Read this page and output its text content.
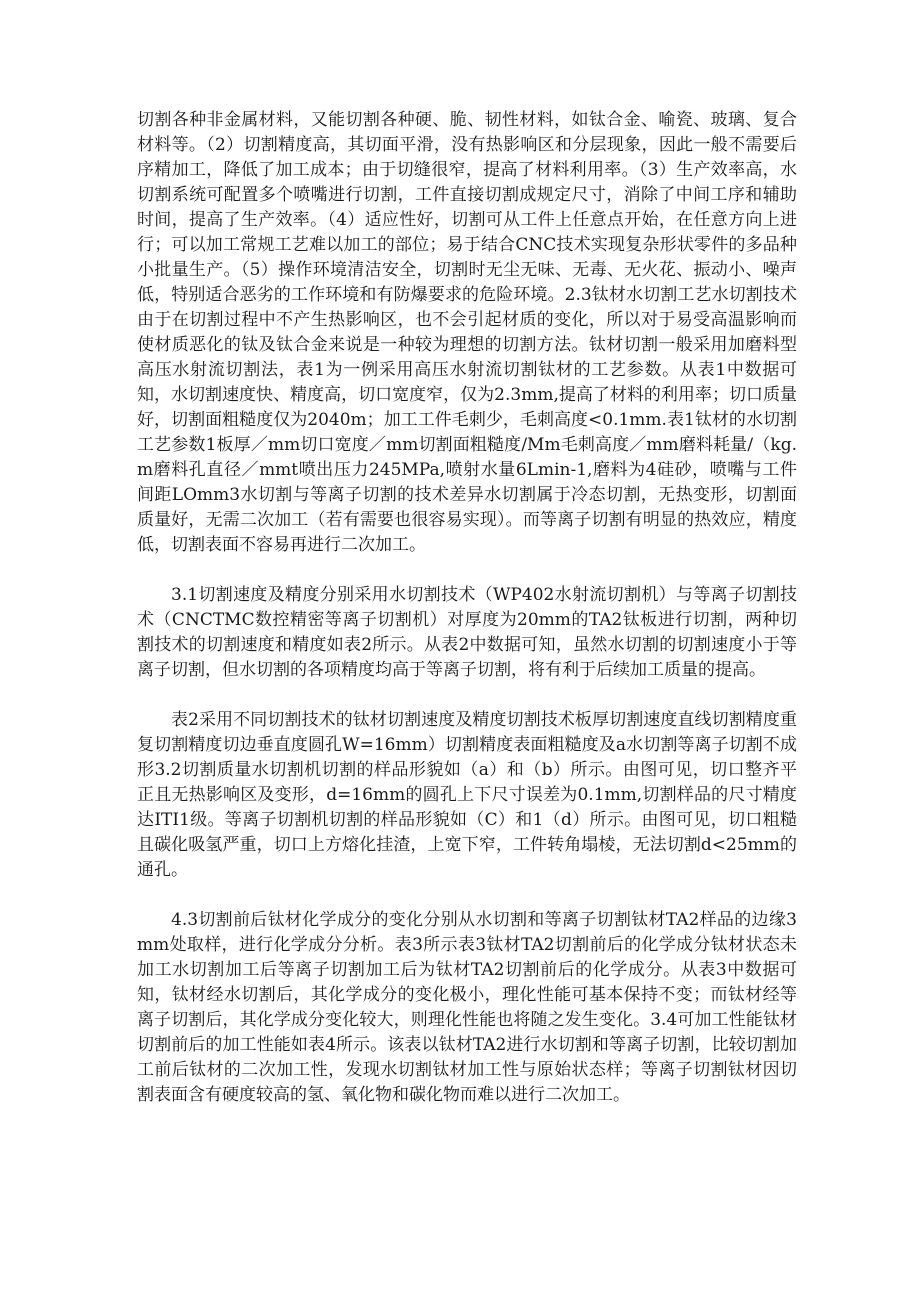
切割各种非金属材料，又能切割各种硬、脆、韧性材料，如钛合金、喻瓷、玻璃、复合材料等。（2）切割精度高，其切面平滑，没有热影响区和分层现象，因此一般不需要后序精加工，降低了加工成本；由于切缝很窄，提高了材料利用率。（3）生产效率高，水切割系统可配置多个喷嘴进行切割，工件直接切割成规定尺寸，消除了中间工序和辅助时间，提高了生产效率。（4）适应性好，切割可从工件上任意点开始，在任意方向上进行；可以加工常规工艺难以加工的部位；易于结合CNC技术实现复杂形状零件的多品种小批量生产。（5）操作环境清洁安全，切割时无尘无味、无毒、无火花、振动小、噪声低，特别适合恶劣的工作环境和有防爆要求的危险环境。2.3钛材水切割工艺水切割技术由于在切割过程中不产生热影响区，也不会引起材质的变化，所以对于易受高温影响而使材质恶化的钛及钛合金来说是一种较为理想的切割方法。钛材切割一般采用加磨料型高压水射流切割法，表1为一例采用高压水射流切割钛材的工艺参数。从表1中数据可知，水切割速度快、精度高，切口宽度窄，仅为2.3mm,提高了材料的利用率；切口质量好，切割面粗糙度仅为2040m；加工工件毛刺少，毛刺高度<0.1mm.表1钛材的水切割工艺参数1板厚／mm切口宽度／mm切割面粗糙度/Mm毛刺高度／mm磨料耗量/（kg.m磨料孔直径／mmt喷出压力245MPa,喷射水量6Lmin-1,磨料为4硅砂，喷嘴与工件间距LOmm3水切割与等离子切割的技术差异水切割属于冷态切割，无热变形，切割面质量好，无需二次加工（若有需要也很容易实现）。而等离子切割有明显的热效应，精度低，切割表面不容易再进行二次加工。

3.1切割速度及精度分别采用水切割技术（WP402水射流切割机）与等离子切割技术（CNCTMC数控精密等离子切割机）对厚度为20mm的TA2钛板进行切割，两种切割技术的切割速度和精度如表2所示。从表2中数据可知，虽然水切割的切割速度小于等离子切割，但水切割的各项精度均高于等离子切割，将有利于后续加工质量的提高。

表2采用不同切割技术的钛材切割速度及精度切割技术板厚切割速度直线切割精度重复切割精度切边垂直度圆孔W=16mm）切割精度表面粗糙度及a水切割等离子切割不成形3.2切割质量水切割机切割的样品形貌如（a）和（b）所示。由图可见，切口整齐平正且无热影响区及变形，d=16mm的圆孔上下尺寸误差为0.1mm,切割样品的尺寸精度达ITI1级。等离子切割机切割的样品形貌如（C）和1（d）所示。由图可见，切口粗糙且碳化吸氢严重，切口上方熔化挂渣，上宽下窄，工件转角塌棱，无法切割d<25mm的通孔。

4.3切割前后钛材化学成分的变化分别从水切割和等离子切割钛材TA2样品的边缘3mm处取样，进行化学成分分析。表3所示表3钛材TA2切割前后的化学成分钛材状态未加工水切割加工后等离子切割加工后为钛材TA2切割前后的化学成分。从表3中数据可知，钛材经水切割后，其化学成分的变化极小，理化性能可基本保持不变；而钛材经等离子切割后，其化学成分变化较大，则理化性能也将随之发生变化。3.4可加工性能钛材切割前后的加工性能如表4所示。该表以钛材TA2进行水切割和等离子切割，比较切割加工前后钛材的二次加工性，发现水切割钛材加工性与原始状态样；等离子切割钛材因切割表面含有硬度较高的氢、氧化物和碳化物而难以进行二次加工。
